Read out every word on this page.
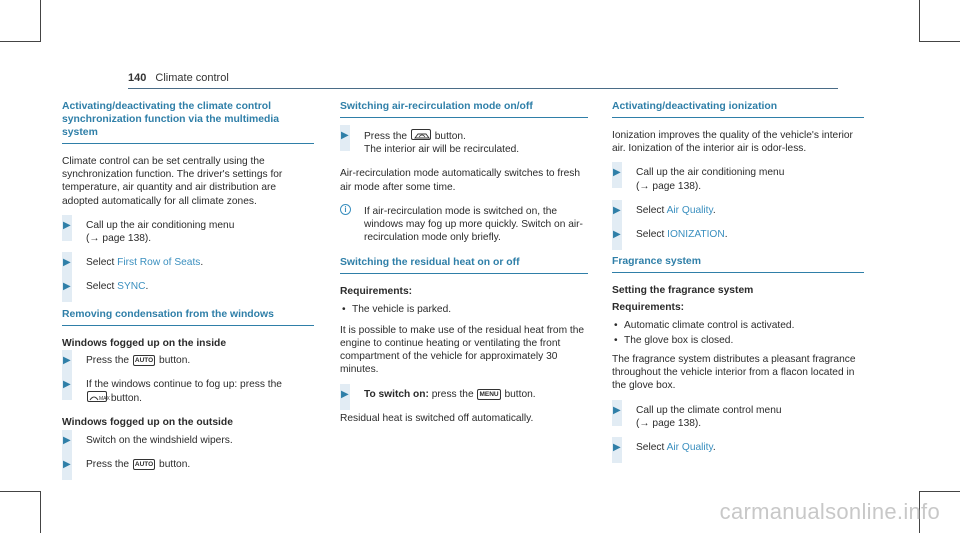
140 Climate control
Activating/deactivating the climate control synchronization function via the multimedia system
Climate control can be set centrally using the synchronization function. The driver's settings for temperature, air quantity and air distribution are adopted automatically for all climate zones.
▶ Call up the air conditioning menu
(→ page 138).
▶ Select First Row of Seats.
▶ Select SYNC.
Removing condensation from the windows
Windows fogged up on the inside
▶ Press the AUTO button.
▶ If the windows continue to fog up: press the
MAX button.
Windows fogged up on the outside
▶ Switch on the windshield wipers.
▶ Press the AUTO button.
Switching air-recirculation mode on/off
▶ Press the	button.
The interior air will be recirculated.
Air-recirculation mode automatically switches to fresh air mode after some time.
i	If air-recirculation mode is switched on, the windows may fog up more quickly. Switch on air-recirculation mode only briefly.
Switching the residual heat on or off
Requirements:
• The vehicle is parked.
It is possible to make use of the residual heat from the engine to continue heating or ventilating the front compartment of the vehicle for approximately 30 minutes.
▶ To switch on: press the MENU button.
Residual heat is switched off automatically.
Activating/deactivating ionization
Ionization improves the quality of the vehicle's interior air. Ionization of the interior air is odor-less.
▶ Call up the air conditioning menu
(→ page 138).
▶ Select Air Quality.
▶ Select IONIZATION.
Fragrance system
Setting the fragrance system
Requirements:
• Automatic climate control is activated.
• The glove box is closed.
The fragrance system distributes a pleasant fragrance throughout the vehicle interior from a flacon located in the glove box.
▶ Call up the climate control menu
(→ page 138).
▶ Select Air Quality.
carmanualsonline.info
